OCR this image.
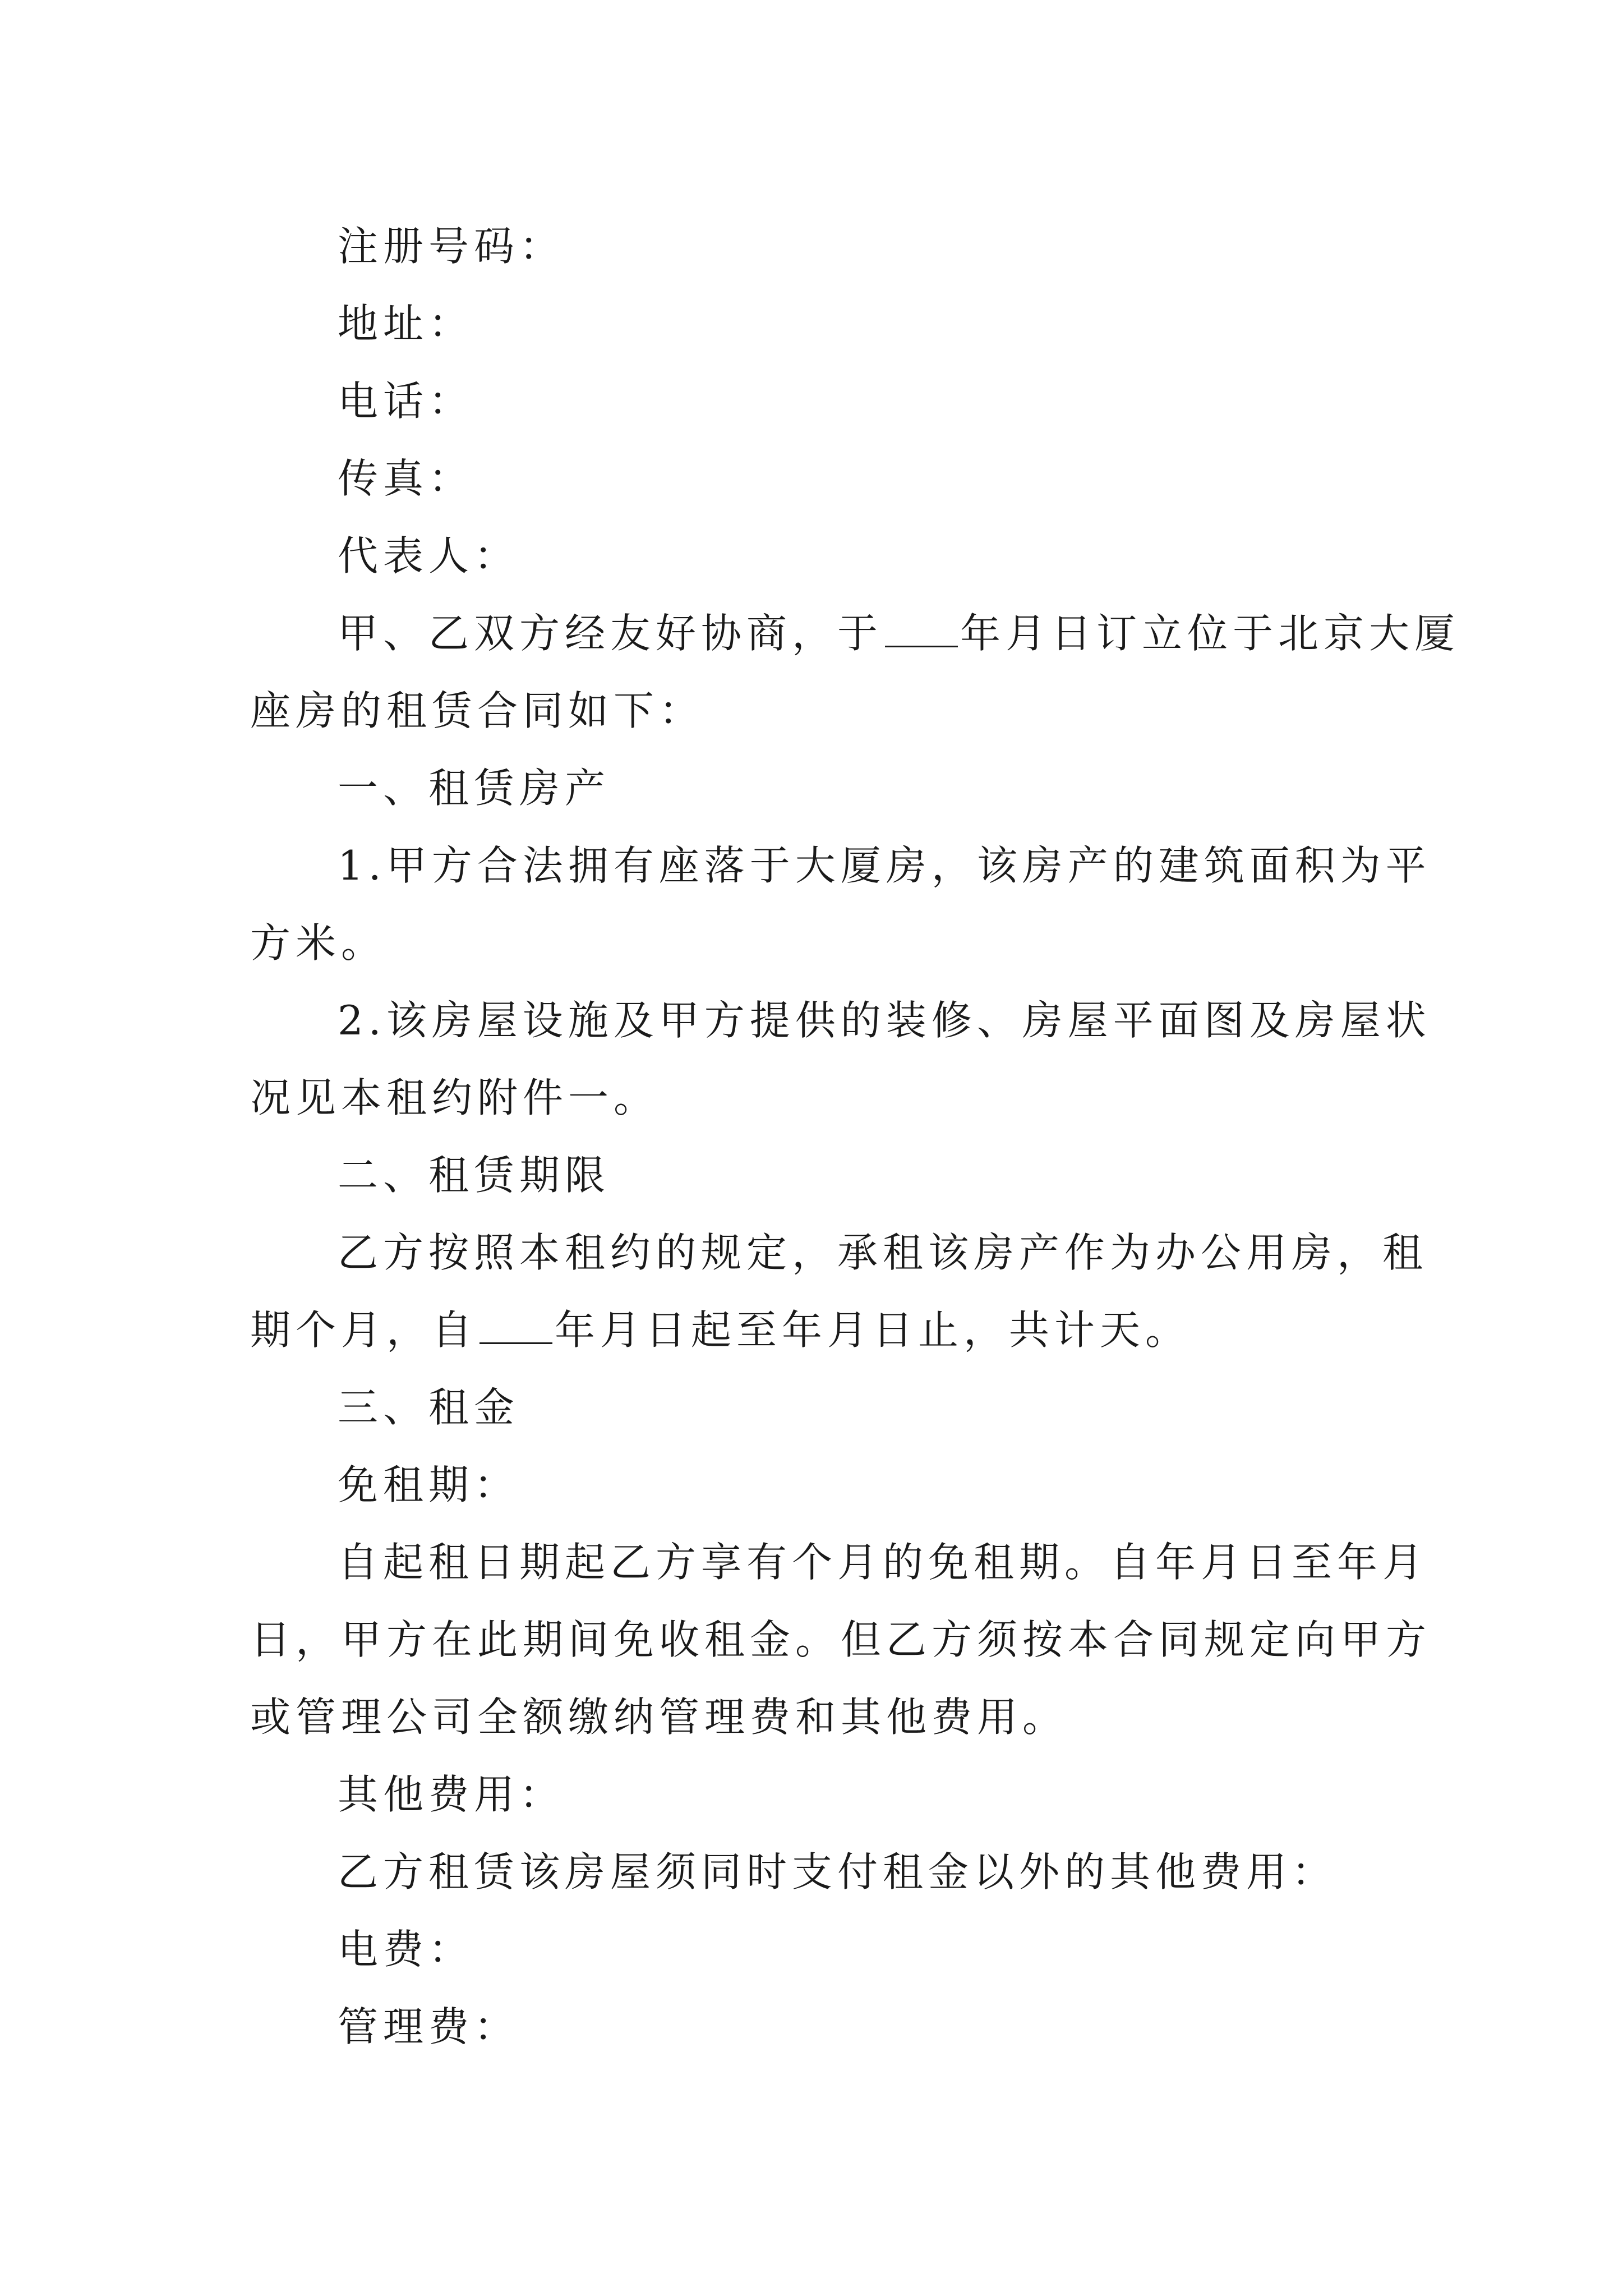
注册号码：

地址：

电话：

传真：

代表人：

甲、乙双方经友好协商，于 年月日订立位于北京大厦

座房的租赁合同如下：

一、租赁房产

1.甲方合法拥有座落于大厦房，该房产的建筑面积为平

方米。

2.该房屋设施及甲方提供的装修、房屋平面图及房屋状

况见本租约附件一。

二、租赁期限

乙方按照本租约的规定，承租该房产作为办公用房，租

期个月，自 年月日起至年月日止，共计天。

三、租金

免租期：

自起租日期起乙方享有个月的免租期。自年月日至年月

日，甲方在此期间免收租金。但乙方须按本合同规定向甲方

或管理公司全额缴纳管理费和其他费用。

其他费用：

乙方租赁该房屋须同时支付租金以外的其他费用：

电费：

管理费：
